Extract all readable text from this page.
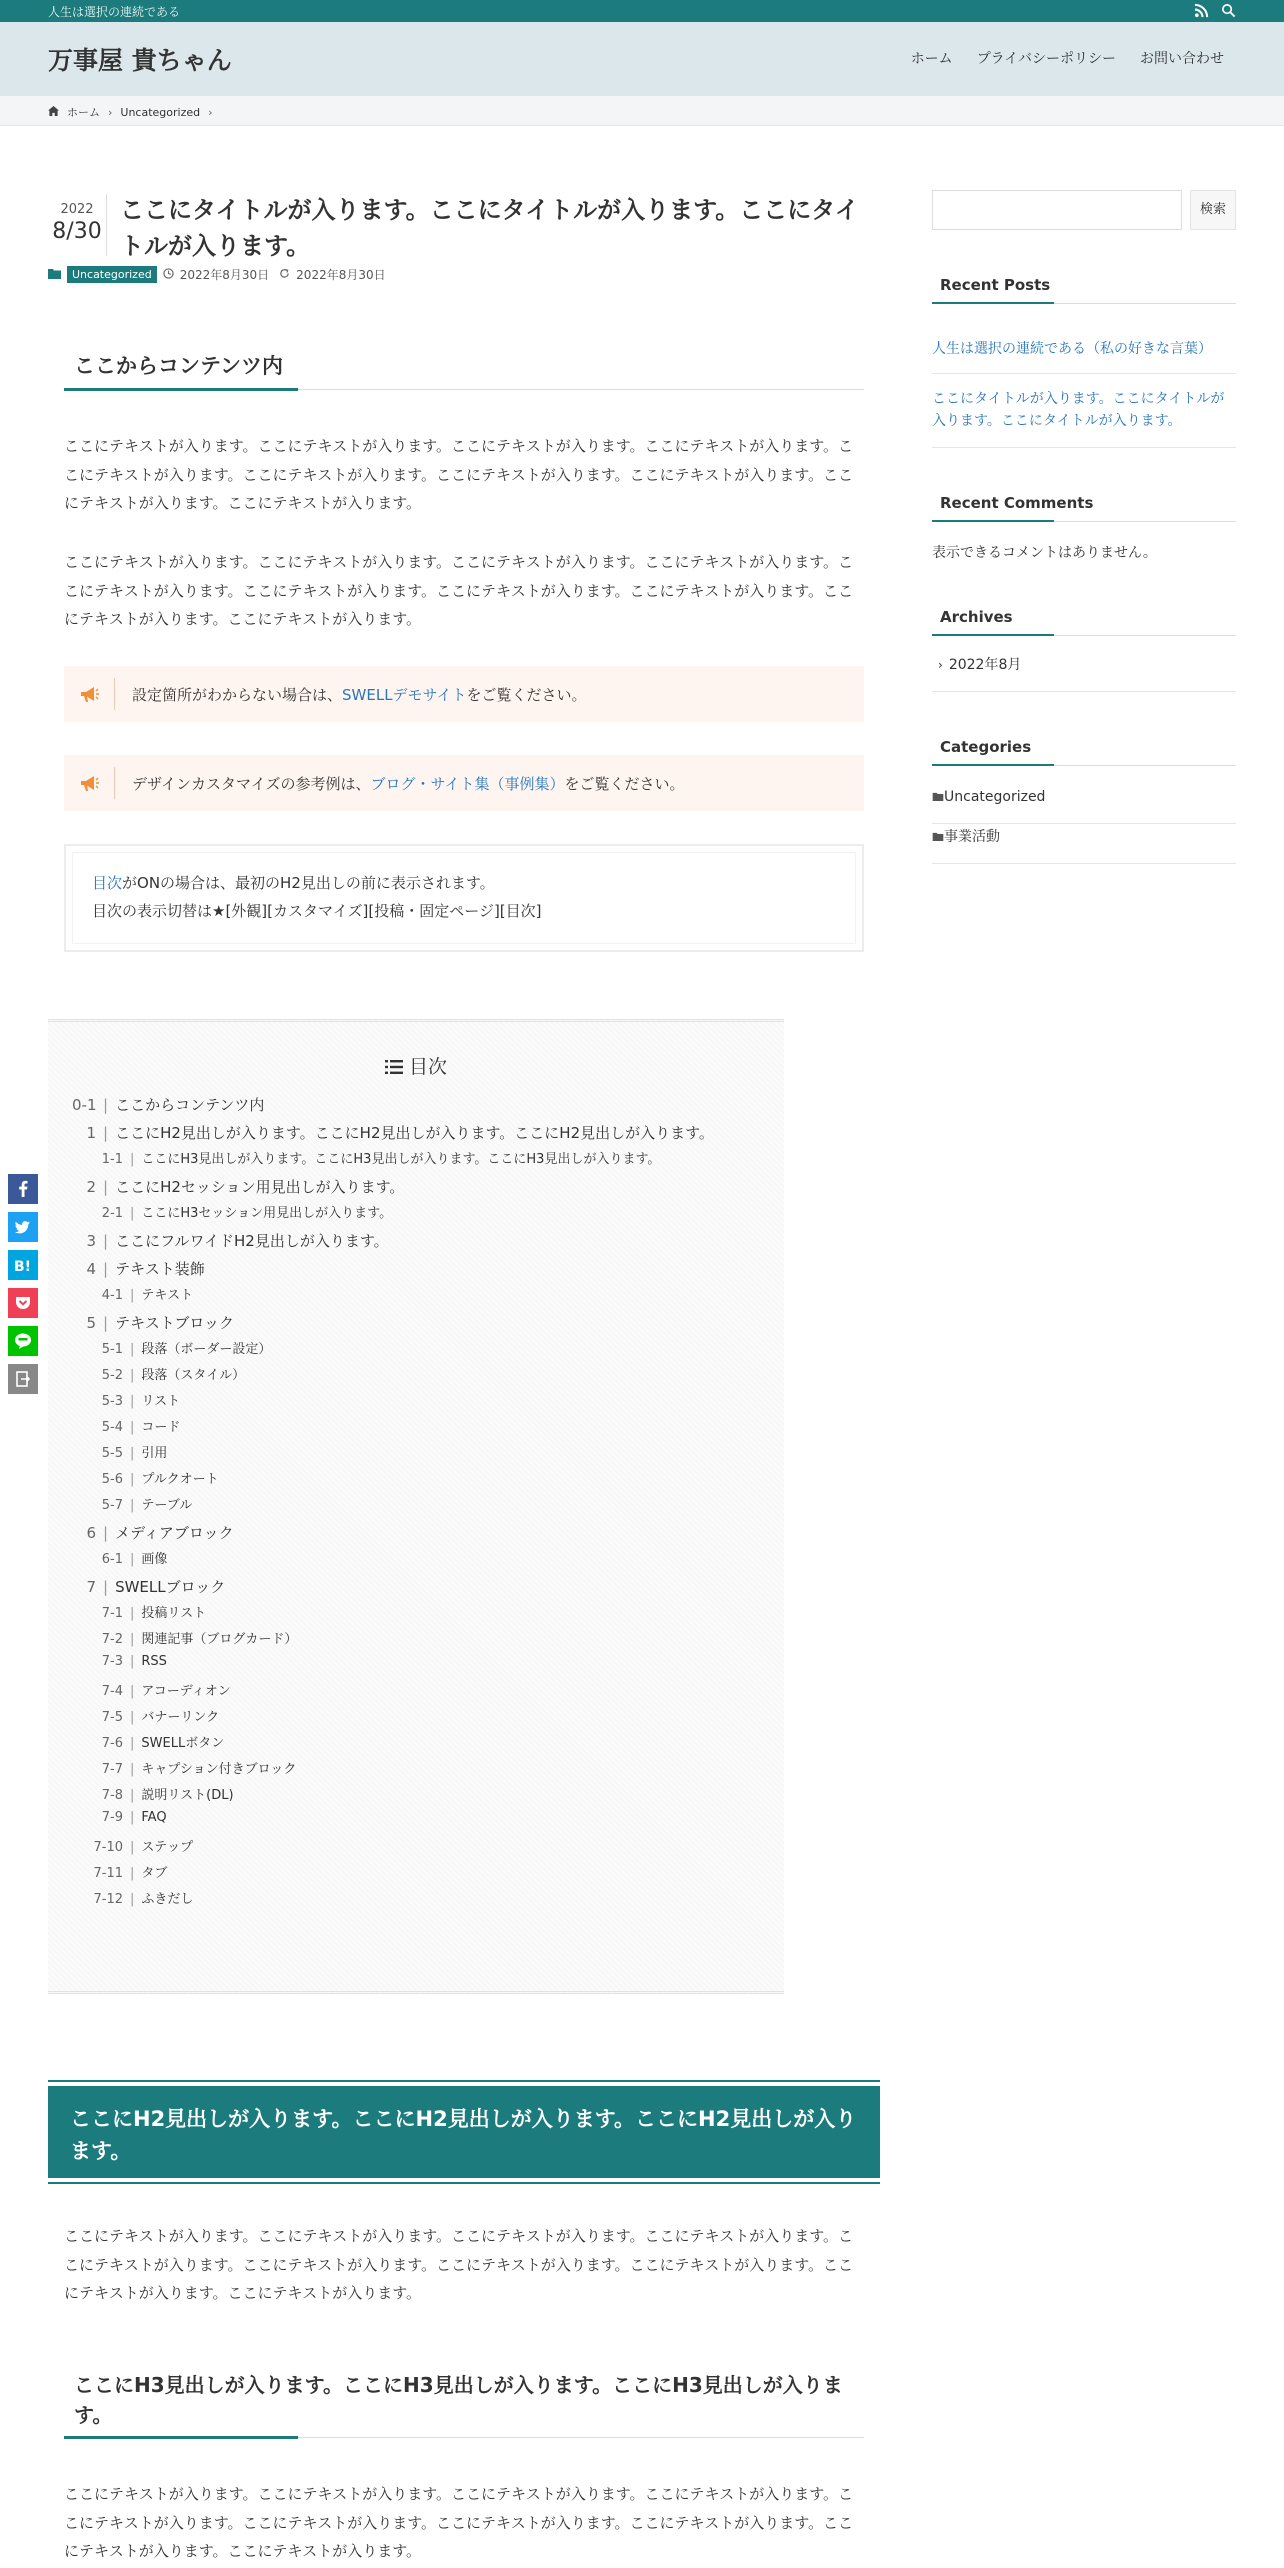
人生は選択の連続である
万事屋 貴ちゃん	ホーム	プライバシーポリシー	お問い合わせ
ホーム › Uncategorized ›
2022
8/30
ここにタイトルが入ります。ここにタイトルが入ります。ここにタイトルが入ります。
Uncategorized	2022年8月30日 2022年8月30日
ここからコンテンツ内

ここにテキストが入ります。ここにテキストが入ります。ここにテキストが入ります。ここにテキストが入ります。ここにテキストが入ります。ここにテキストが入ります。ここにテキストが入ります。ここにテキストが入ります。ここにテキストが入ります。ここにテキストが入ります。

ここにテキストが入ります。ここにテキストが入ります。ここにテキストが入ります。ここにテキストが入ります。ここにテキストが入ります。ここにテキストが入ります。ここにテキストが入ります。ここにテキストが入ります。ここにテキストが入ります。ここにテキストが入ります。

設定箇所がわからない場合は、SWELLデモサイトをご覧ください。
デザインカスタマイズの参考例は、ブログ・サイト集（事例集）をご覧ください。
目次がONの場合は、最初のH2見出しの前に表示されます。
目次の表示切替は★[外観][カスタマイズ][投稿・固定ページ][目次]
目次
0-1 | ここからコンテンツ内
1 | ここにH2見出しが入ります。ここにH2見出しが入ります。ここにH2見出しが入ります。
1-1 | ここにH3見出しが入ります。ここにH3見出しが入ります。ここにH3見出しが入ります。
2 | ここにH2セッション用見出しが入ります。
2-1 | ここにH3セッション用見出しが入ります。
3 | ここにフルワイドH2見出しが入ります。
4 | テキスト装飾
4-1 | テキスト
5 | テキストブロック
5-1 | 段落（ボーダー設定）
5-2 | 段落（スタイル）
5-3 | リスト
5-4 | コード
5-5 | 引用
5-6 | プルクオート
5-7 | テーブル
6 | メディアブロック
6-1 | 画像
7 | SWELLブロック
7-1 | 投稿リスト
7-2 | 関連記事（ブログカード）
7-3 | RSS
7-4 | アコーディオン
7-5 | バナーリンク
7-6 | SWELLボタン
7-7 | キャプション付きブロック
7-8 | 説明リスト(DL)
7-9 | FAQ
7-10 | ステップ
7-11 | タブ
7-12 | ふきだし
ここにH2見出しが入ります。ここにH2見出しが入ります。ここにH2見出しが入ります。

ここにテキストが入ります。ここにテキストが入ります。ここにテキストが入ります。ここにテキストが入ります。ここにテキストが入ります。ここにテキストが入ります。ここにテキストが入ります。ここにテキストが入ります。ここにテキストが入ります。ここにテキストが入ります。

ここにH3見出しが入ります。ここにH3見出しが入ります。ここにH3見出しが入ります。

ここにテキストが入ります。ここにテキストが入ります。ここにテキストが入ります。ここにテキストが入ります。ここにテキストが入ります。ここにテキストが入ります。ここにテキストが入ります。ここにテキストが入ります。ここにテキストが入ります。ここにテキストが入ります。

検索
Recent Posts
人生は選択の連続である（私の好きな言葉）
ここにタイトルが入ります。ここにタイトルが入ります。ここにタイトルが入ります。
Recent Comments
表示できるコメントはありません。
Archives
› 2022年8月
Categories
Uncategorized
事業活動
B!
